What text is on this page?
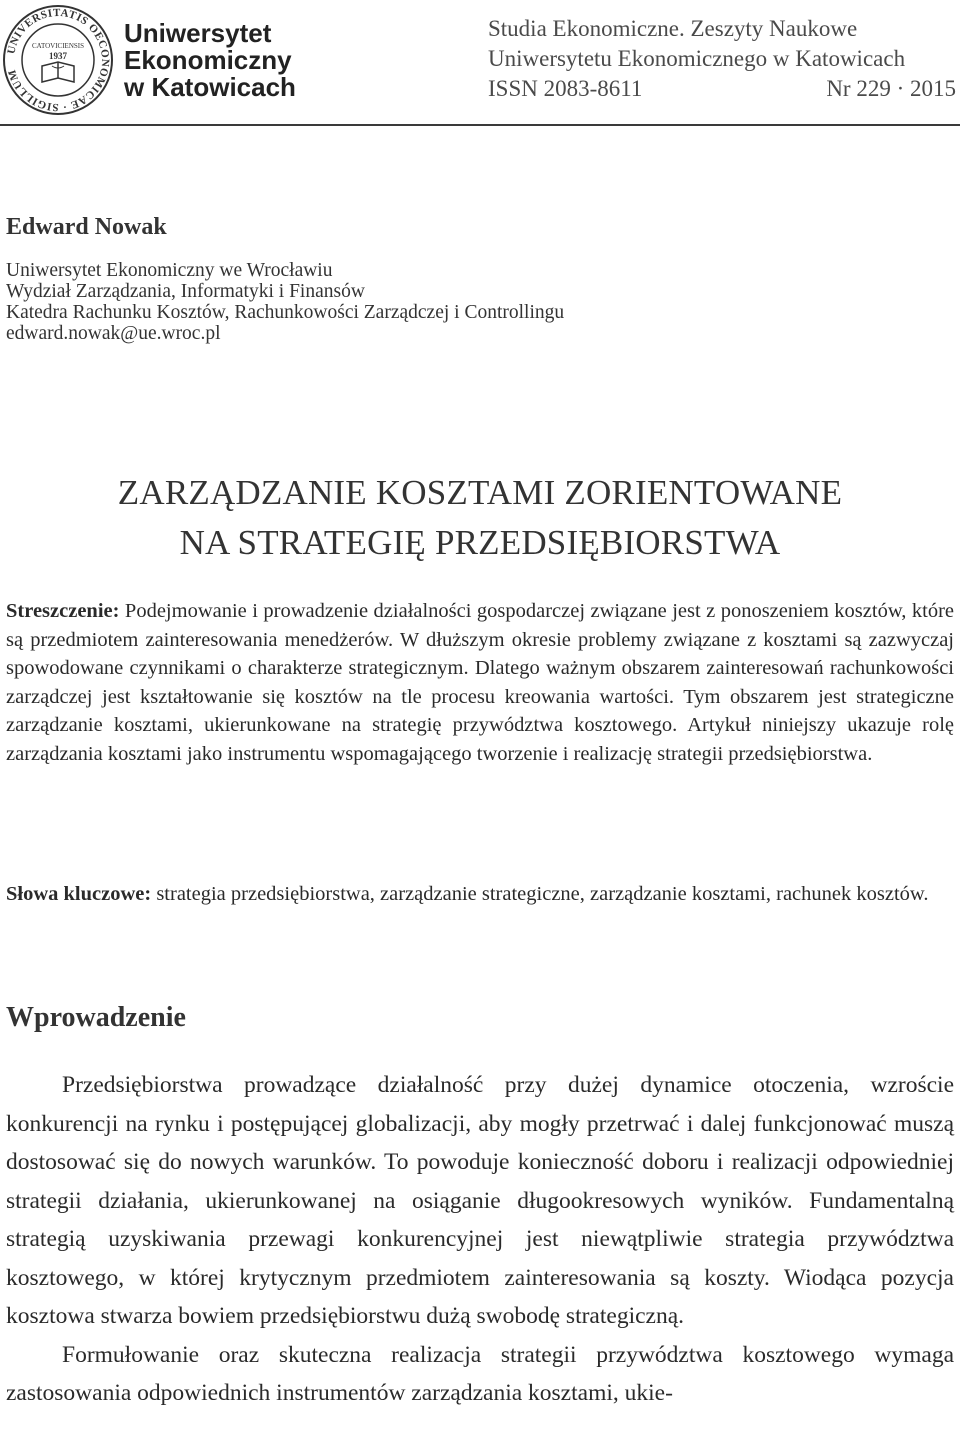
UNIVERSITATIS OECONOMICAE · SIGILLUM
CATOVICIENSIS
1937
Uniwersytet
Ekonomiczny
w Katowicach
Studia Ekonomiczne. Zeszyty Naukowe
Uniwersytetu Ekonomicznego w Katowicach
ISSN 2083-8611	Nr 229 · 2015
Edward Nowak
Uniwersytet Ekonomiczny we Wrocławiu
Wydział Zarządzania, Informatyki i Finansów
Katedra Rachunku Kosztów, Rachunkowości Zarządczej i Controllingu
edward.nowak@ue.wroc.pl
ZARZĄDZANIE KOSZTAMI ZORIENTOWANE
NA STRATEGIĘ PRZEDSIĘBIORSTWA
Streszczenie: Podejmowanie i prowadzenie działalności gospodarczej związane jest z ponoszeniem kosztów, które są przedmiotem zainteresowania menedżerów. W dłuższym okresie problemy związane z kosztami są zazwyczaj spowodowane czynnikami o charakterze strategicznym. Dlatego ważnym obszarem zainteresowań rachunkowości zarządczej jest kształtowanie się kosztów na tle procesu kreowania wartości. Tym obszarem jest strategiczne zarządzanie kosztami, ukierunkowane na strategię przywództwa kosztowego. Artykuł niniejszy ukazuje rolę zarządzania kosztami jako instrumentu wspomagającego tworzenie i realizację strategii przedsiębiorstwa.
Słowa kluczowe: strategia przedsiębiorstwa, zarządzanie strategiczne, zarządzanie kosztami, rachunek kosztów.
Wprowadzenie

Przedsiębiorstwa prowadzące działalność przy dużej dynamice otoczenia, wzroście konkurencji na rynku i postępującej globalizacji, aby mogły przetrwać i dalej funkcjonować muszą dostosować się do nowych warunków. To powoduje konieczność doboru i realizacji odpowiedniej strategii działania, ukierunkowanej na osiąganie długookresowych wyników. Fundamentalną strategią uzyskiwania przewagi konkurencyjnej jest niewątpliwie strategia przywództwa kosztowego, w której krytycznym przedmiotem zainteresowania są koszty. Wiodąca pozycja kosztowa stwarza bowiem przedsiębiorstwu dużą swobodę strategiczną.

Formułowanie oraz skuteczna realizacja strategii przywództwa kosztowego wymaga zastosowania odpowiednich instrumentów zarządzania kosztami, ukie-
